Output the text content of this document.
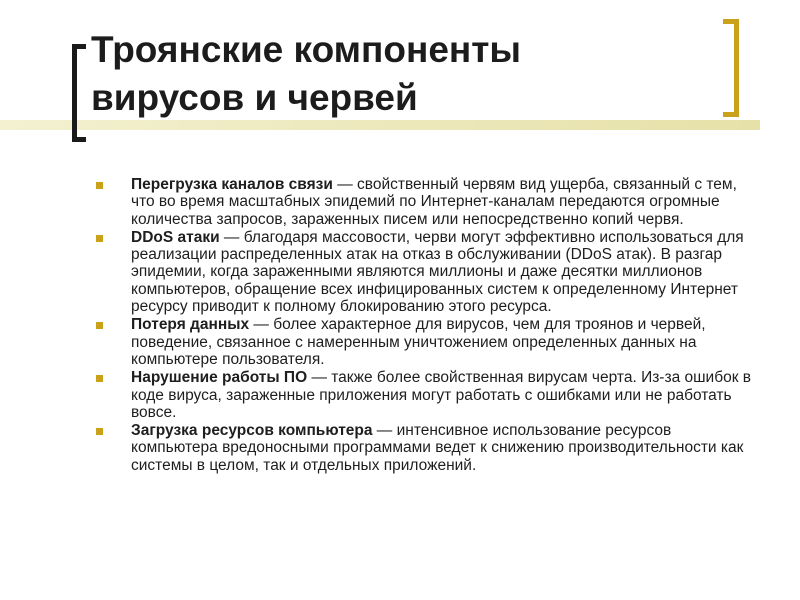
Троянские компоненты
вирусов и червей
Перегрузка каналов связи — свойственный червям вид ущерба, связанный с тем, что во время масштабных эпидемий по Интернет-каналам передаются огромные количества запросов, зараженных писем или непосредственно копий червя.
DDoS атаки — благодаря массовости, черви могут эффективно использоваться для реализации распределенных атак на отказ в обслуживании (DDoS атак). В разгар эпидемии, когда зараженными являются миллионы и даже десятки миллионов компьютеров, обращение всех инфицированных систем к определенному Интернет ресурсу приводит к полному блокированию этого ресурса.
Потеря данных — более характерное для вирусов, чем для троянов и червей, поведение, связанное с намеренным уничтожением определенных данных на компьютере пользователя.
Нарушение работы ПО — также более свойственная вирусам черта. Из-за ошибок в коде вируса, зараженные приложения могут работать с ошибками или не работать вовсе.
Загрузка ресурсов компьютера — интенсивное использование ресурсов компьютера вредоносными программами ведет к снижению производительности как системы в целом, так и отдельных приложений.
